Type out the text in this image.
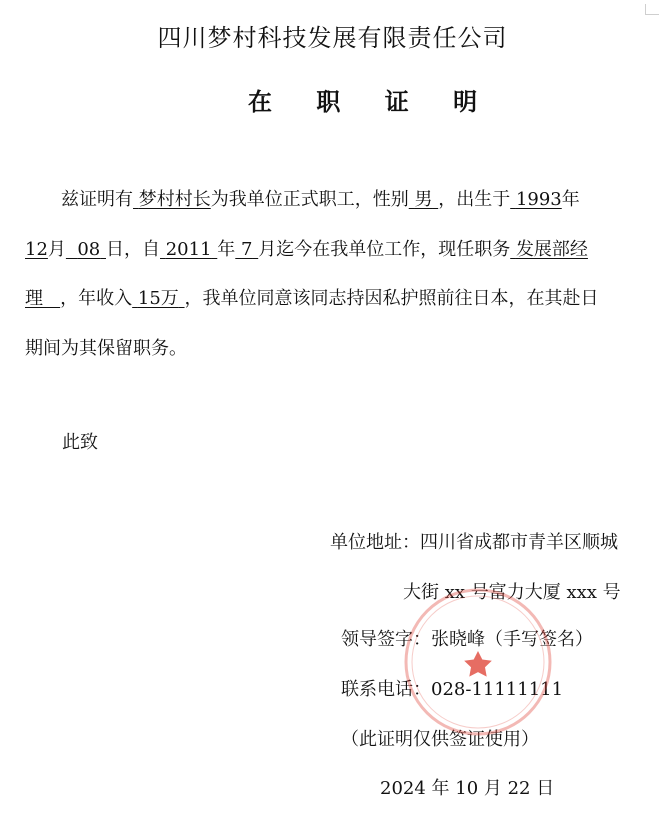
四川梦村科技发展有限责任公司
在 职 证 明
兹证明有 梦村村长为我单位正式职工，性别 男 ，出生于 1993年
12月 08 日，自 2011 年 7 月迄今在我单位工作，现任职务 发展部经
理 ，年收入 15万 ，我单位同意该同志持因私护照前往日本，在其赴日
期间为其保留职务。
此致
单位地址：四川省成都市青羊区顺城
大街 xx 号富力大厦 xxx 号
领导签字：张晓峰（手写签名）
联系电话：028-11111111
（此证明仅供签证使用）
2024 年 10 月 22 日
